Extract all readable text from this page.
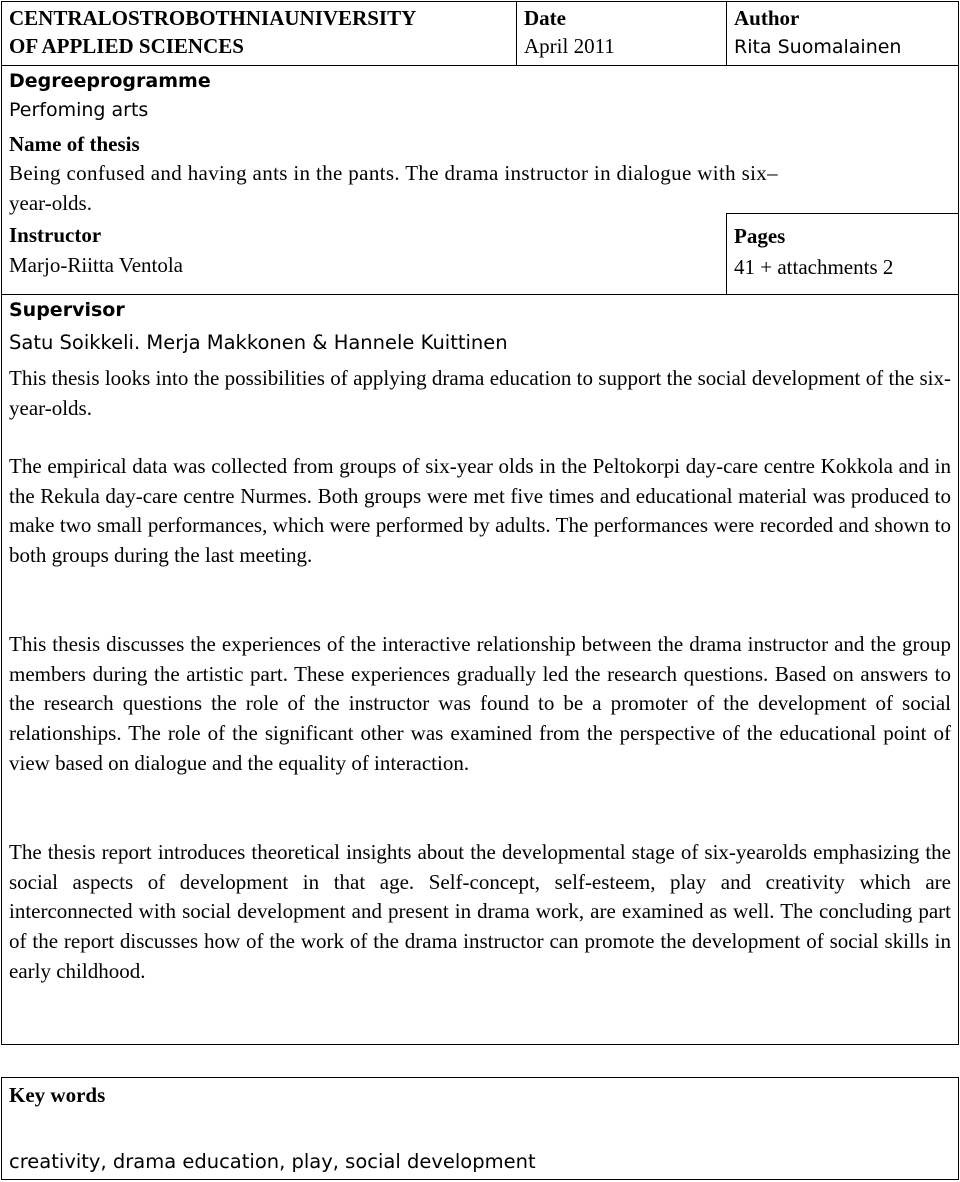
CENTRALOSTROBOTHNIAUNIVERSITY
OF APPLIED SCIENCES
Date
April 2011
Author
Rita Suomalainen
Degreeprogramme
Perfoming arts
Name of thesis
Being confused and having ants in the pants. The drama instructor in dialogue with six–
year-olds.
Instructor
Marjo-Riitta Ventola
Pages
41 + attachments 2
Supervisor
Satu Soikkeli. Merja Makkonen & Hannele Kuittinen
This thesis looks into the possibilities of applying drama education to support the social development of the six-year-olds.
The empirical data was collected from groups of six-year olds in the Peltokorpi day-care centre Kokkola and in the Rekula day-care centre Nurmes. Both groups were met five times and educational material was produced to make two small performances, which were performed by adults. The performances were recorded and shown to both groups during the last meeting.
This thesis discusses the experiences of the interactive relationship between the drama instructor and the group members during the artistic part. These experiences gradually led the research questions. Based on answers to the research questions the role of the instructor was found to be a promoter of the development of social relationships. The role of the significant other was examined from the perspective of the educational point of view based on dialogue and the equality of interaction.
The thesis report introduces theoretical insights about the developmental stage of six-yearolds emphasizing the social aspects of development in that age. Self-concept, self-esteem, play and creativity which are interconnected with social development and present in drama work, are examined as well. The concluding part of the report discusses how of the work of the drama instructor can promote the development of social skills in early childhood.
Key words
creativity, drama education, play, social development
